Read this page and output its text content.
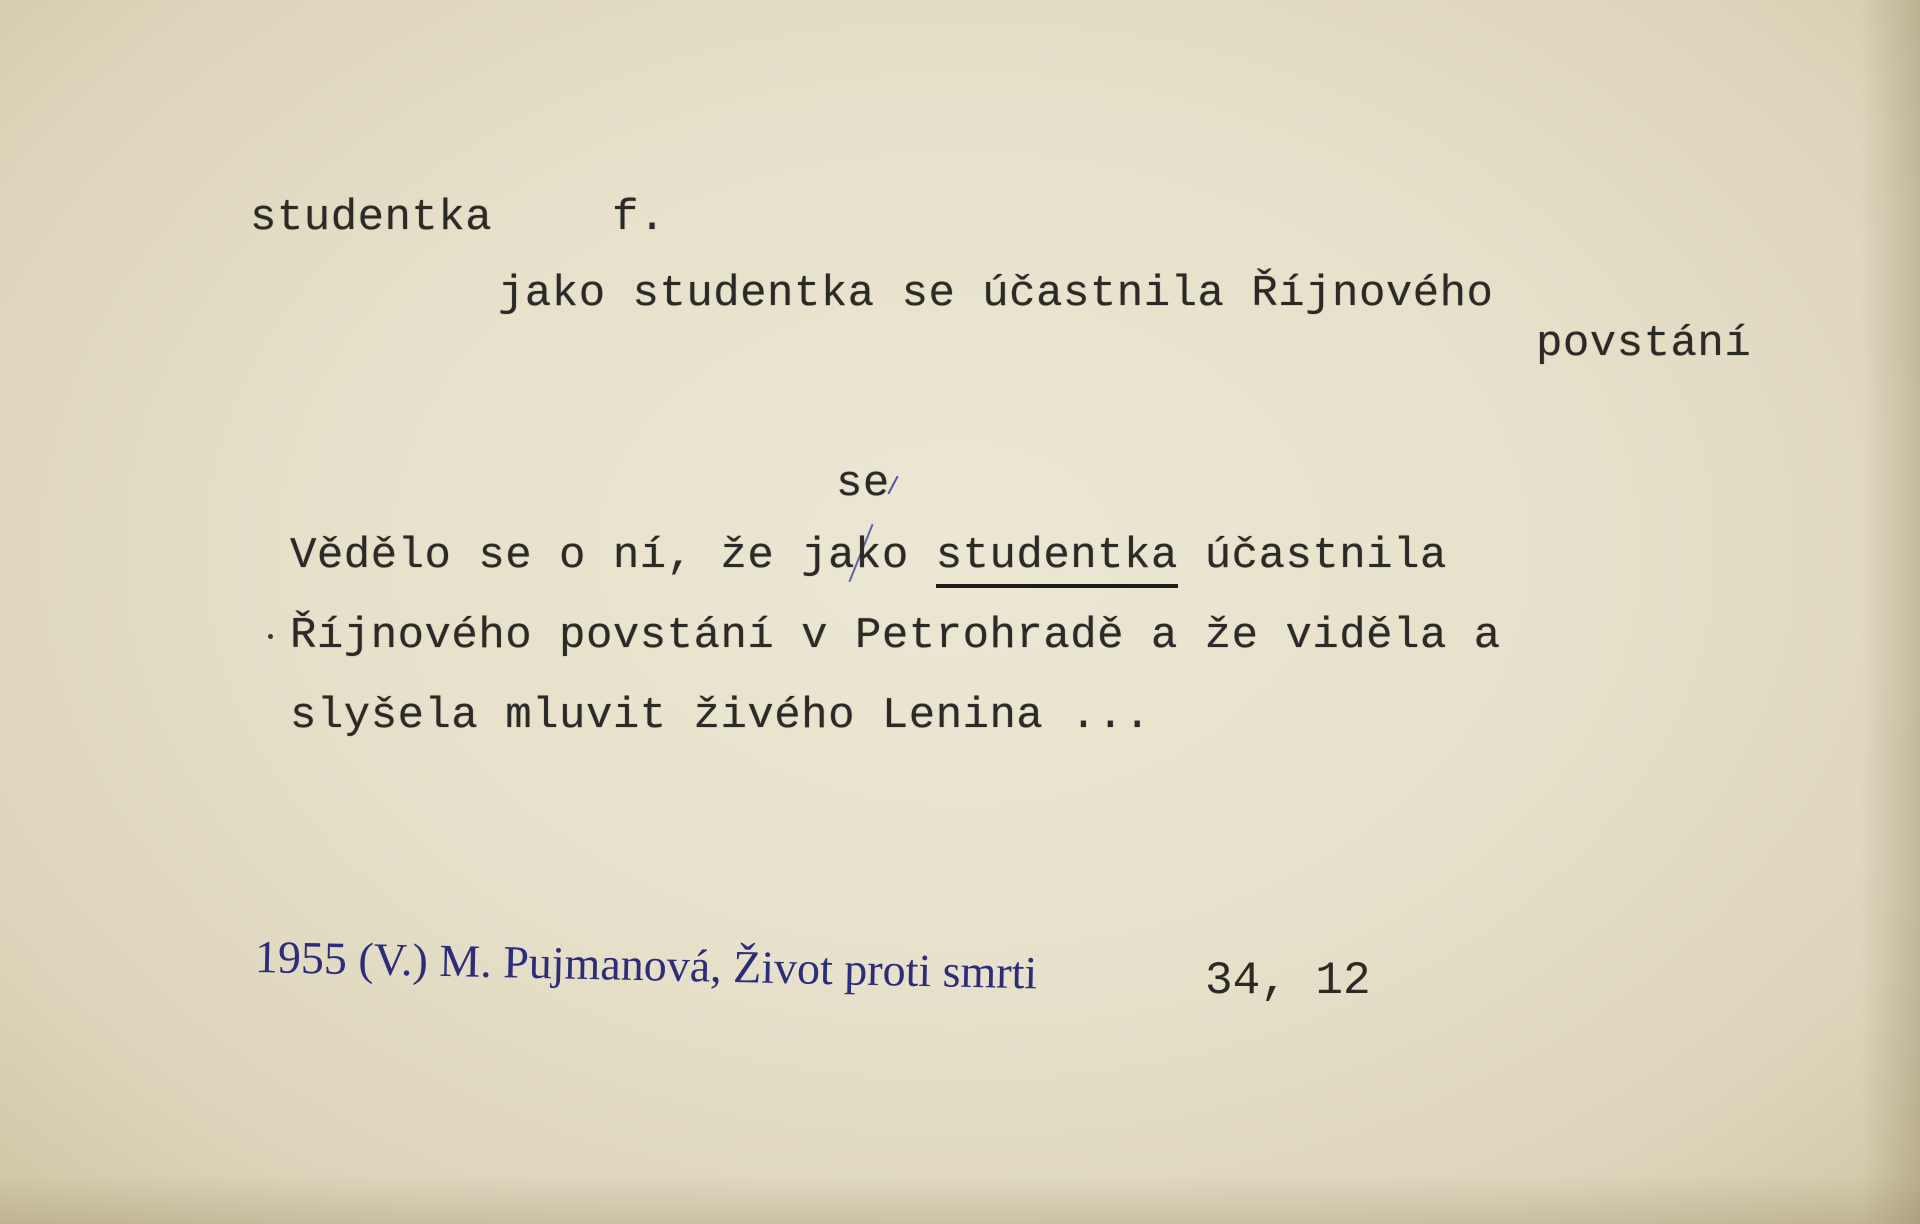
studentka	f.
jako studentka se účastnila Říjnového
povstání
se
Vědělo se o ní, že jako studentka účastnila
Říjnového povstání v Petrohradě a že viděla a
slyšela mluvit živého Lenina ...
1955 (V.) M. Pujmanová, Život proti smrti	34, 12
